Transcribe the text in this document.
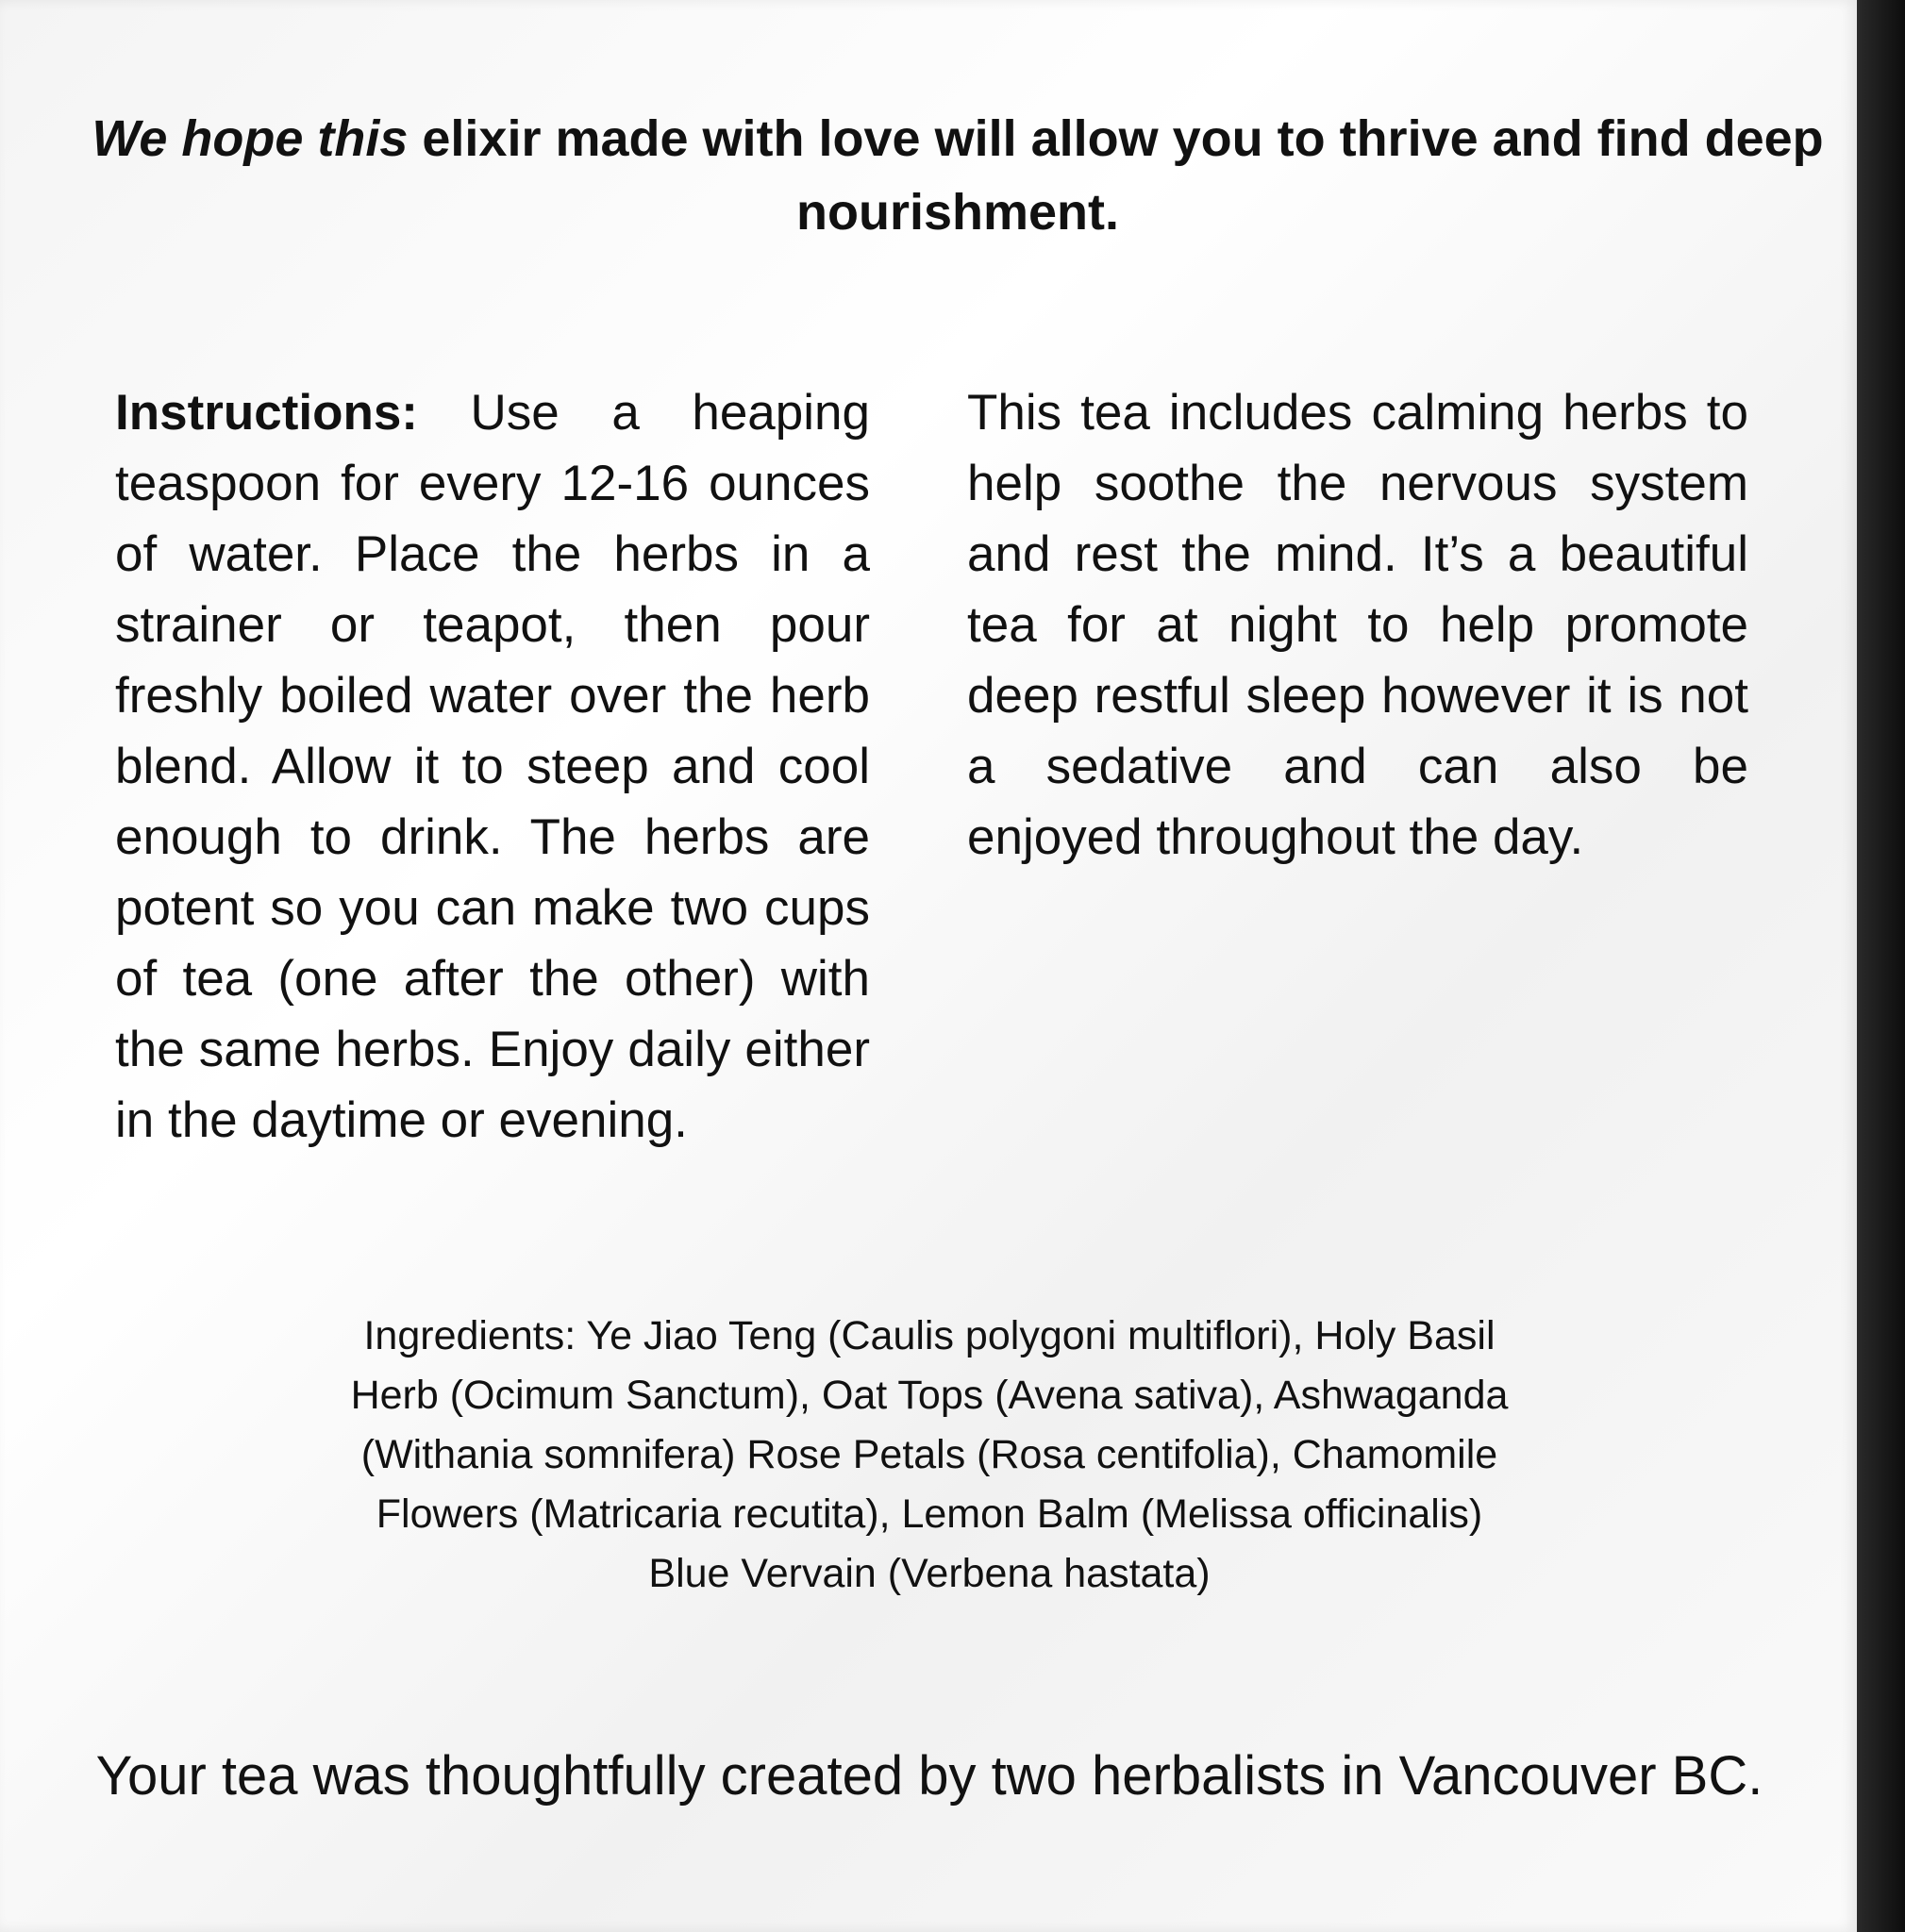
We hope this elixir made with love will allow you to thrive and find deep nourishment.

Instructions: Use a heaping teaspoon for every 12-16 ounces of water. Place the herbs in a strainer or teapot, then pour freshly boiled water over the herb blend. Allow it to steep and cool enough to drink. The herbs are potent so you can make two cups of tea (one after the other) with the same herbs. Enjoy daily either in the daytime or evening.

This tea includes calming herbs to help soothe the nervous system and rest the mind. It’s a beautiful tea for at night to help promote deep restful sleep however it is not a sedative and can also be enjoyed throughout the day.

Ingredients: Ye Jiao Teng (Caulis polygoni multiflori), Holy Basil Herb (Ocimum Sanctum), Oat Tops (Avena sativa), Ashwaganda (Withania somnifera) Rose Petals (Rosa centifolia), Chamomile Flowers (Matricaria recutita), Lemon Balm (Melissa officinalis) Blue Vervain (Verbena hastata)

Your tea was thoughtfully created by two herbalists in Vancouver BC.
